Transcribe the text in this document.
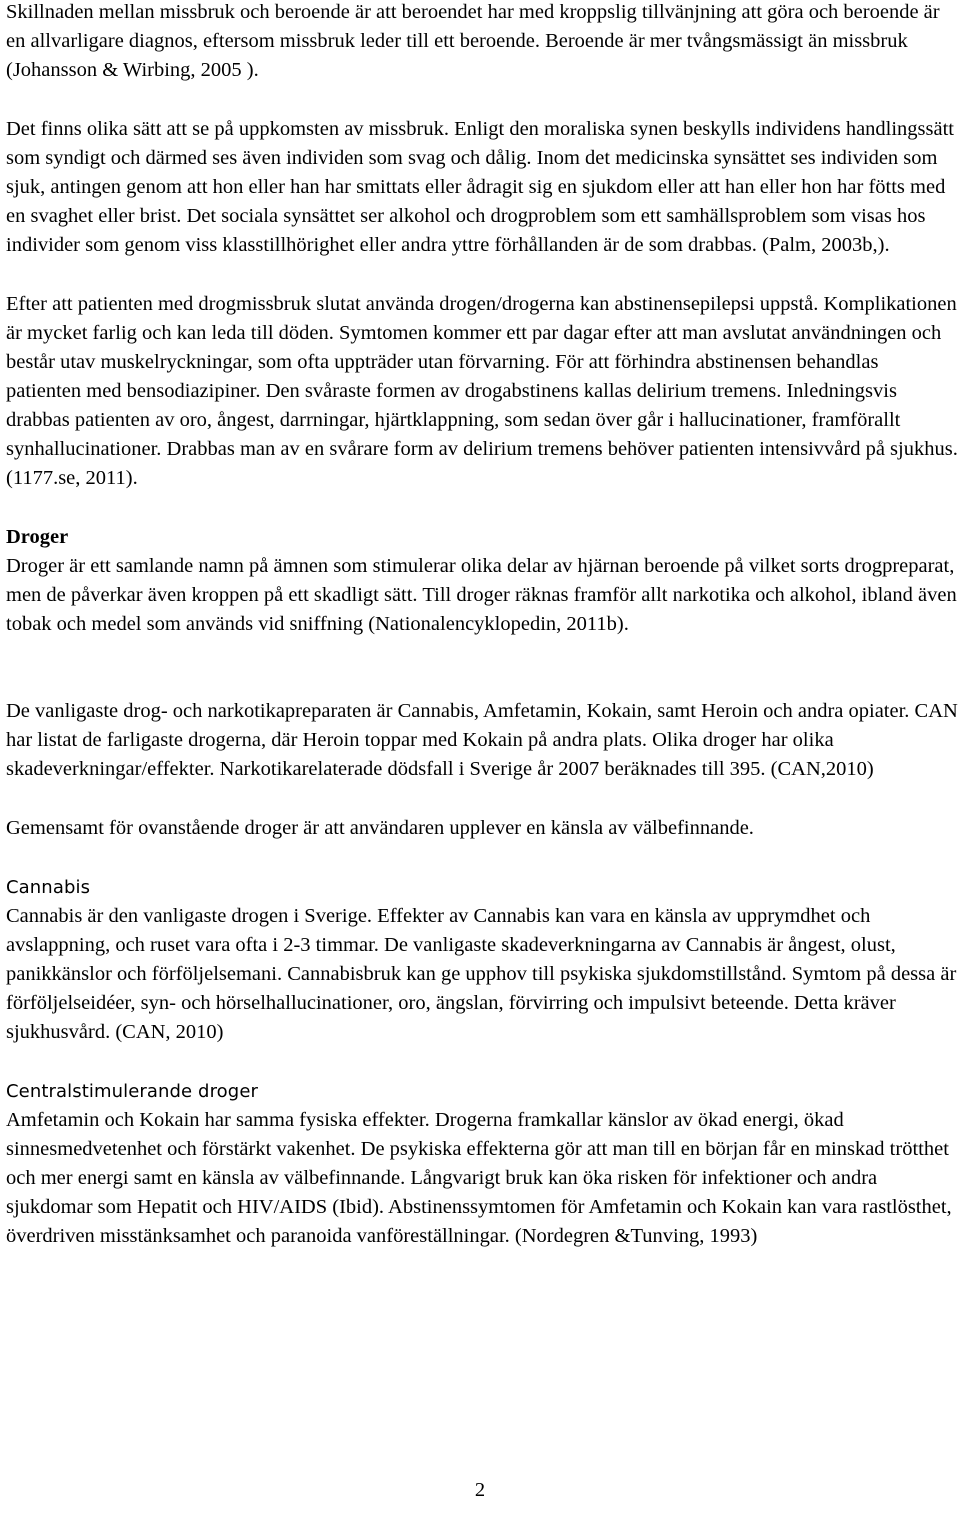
Skillnaden mellan missbruk och beroende är att beroendet har med kroppslig tillvänjning att göra och beroende är en allvarligare diagnos, eftersom missbruk leder till ett beroende. Beroende är mer tvångsmässigt än missbruk (Johansson & Wirbing, 2005 ).

Det finns olika sätt att se på uppkomsten av missbruk. Enligt den moraliska synen beskylls individens handlingssätt som syndigt och därmed ses även individen som svag och dålig. Inom det medicinska synsättet ses individen som sjuk, antingen genom att hon eller han har smittats eller ådragit sig en sjukdom eller att han eller hon har fötts med en svaghet eller brist. Det sociala synsättet ser alkohol och drogproblem som ett samhällsproblem som visas hos individer som genom viss klasstillhörighet eller andra yttre förhållanden är de som drabbas. (Palm, 2003b,).

Efter att patienten med drogmissbruk slutat använda drogen/drogerna kan abstinensepilepsi uppstå. Komplikationen är mycket farlig och kan leda till döden. Symtomen kommer ett par dagar efter att man avslutat användningen och består utav muskelryckningar, som ofta uppträder utan förvarning. För att förhindra abstinensen behandlas patienten med bensodiazipiner. Den svåraste formen av drogabstinens kallas delirium tremens. Inledningsvis drabbas patienten av oro, ångest, darrningar, hjärtklappning, som sedan över går i hallucinationer, framförallt synhallucinationer. Drabbas man av en svårare form av delirium tremens behöver patienten intensivvård på sjukhus. (1177.se, 2011).

Droger

Droger är ett samlande namn på ämnen som stimulerar olika delar av hjärnan beroende på vilket sorts drogpreparat, men de påverkar även kroppen på ett skadligt sätt. Till droger räknas framför allt narkotika och alkohol, ibland även tobak och medel som används vid sniffning (Nationalencyklopedin, 2011b).

De vanligaste drog- och narkotikapreparaten är Cannabis, Amfetamin, Kokain, samt Heroin och andra opiater. CAN har listat de farligaste drogerna, där Heroin toppar med Kokain på andra plats. Olika droger har olika skadeverkningar/effekter. Narkotikarelaterade dödsfall i Sverige år 2007 beräknades till 395. (CAN,2010)

Gemensamt för ovanstående droger är att användaren upplever en känsla av välbefinnande.

Cannabis

Cannabis är den vanligaste drogen i Sverige. Effekter av Cannabis kan vara en känsla av upprymdhet och avslappning, och ruset vara ofta i 2-3 timmar. De vanligaste skadeverkningarna av Cannabis är ångest, olust, panikkänslor och förföljelsemani. Cannabisbruk kan ge upphov till psykiska sjukdomstillstånd. Symtom på dessa är förföljelseidéer, syn- och hörselhallucinationer, oro, ängslan, förvirring och impulsivt beteende. Detta kräver sjukhusvård. (CAN, 2010)

Centralstimulerande droger

Amfetamin och Kokain har samma fysiska effekter. Drogerna framkallar känslor av ökad energi, ökad sinnesmedvetenhet och förstärkt vakenhet. De psykiska effekterna gör att man till en början får en minskad trötthet och mer energi samt en känsla av välbefinnande. Långvarigt bruk kan öka risken för infektioner och andra sjukdomar som Hepatit och HIV/AIDS (Ibid). Abstinenssymtomen för Amfetamin och Kokain kan vara rastlösthet, överdriven misstänksamhet och paranoida vanföreställningar. (Nordegren &Tunving, 1993)

2
